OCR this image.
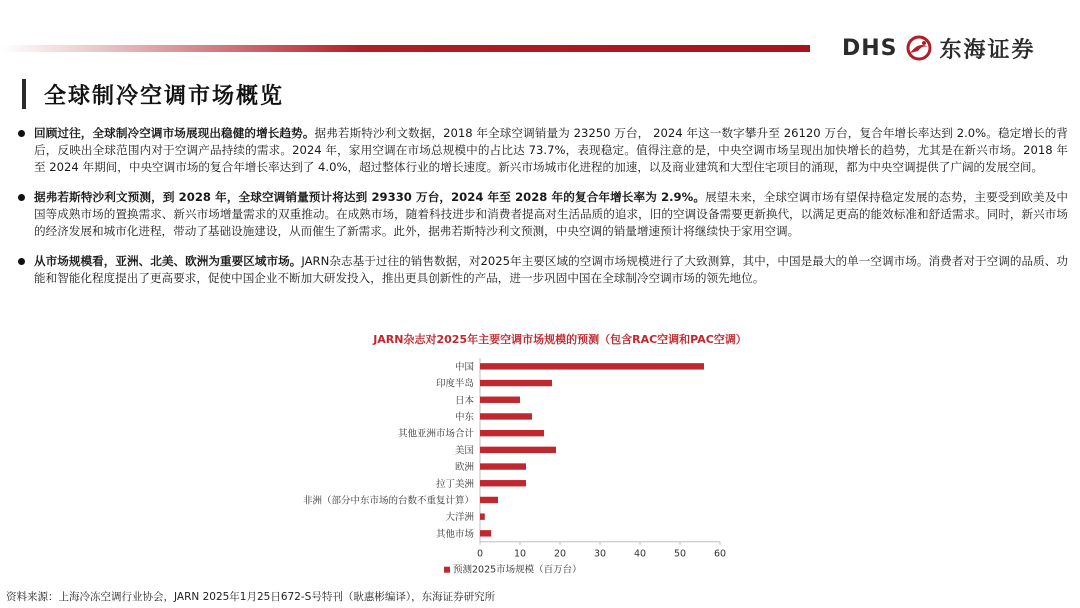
DHS 东海证券
全球制冷空调市场概览
回顾过往，全球制冷空调市场展现出稳健的增长趋势。据弗若斯特沙利文数据，2018 年全球空调销量为 23250 万台， 2024 年这一数字攀升至 26120 万台，复合年增长率达到 2.0%。稳定增长的背后，反映出全球范围内对于空调产品持续的需求。2024 年，家用空调在市场总规模中的占比达 73.7%，表现稳定。值得注意的是，中央空调市场呈现出加快增长的趋势，尤其是在新兴市场。2018 年至 2024 年期间，中央空调市场的复合年增长率达到了 4.0%，超过整体行业的增长速度。新兴市场城市化进程的加速，以及商业建筑和大型住宅项目的涌现，都为中央空调提供了广阔的发展空间。
据弗若斯特沙利文预测，到 2028 年，全球空调销量预计将达到 29330 万台，2024 年至 2028 年的复合年增长率为 2.9%。展望未来，全球空调市场有望保持稳定发展的态势，主要受到欧美及中国等成熟市场的置换需求、新兴市场增量需求的双重推动。在成熟市场，随着科技进步和消费者提高对生活品质的追求，旧的空调设备需要更新换代，以满足更高的能效标准和舒适需求。同时，新兴市场的经济发展和城市化进程，带动了基础设施建设，从而催生了新需求。此外，据弗若斯特沙利文预测，中央空调的销量增速预计将继续快于家用空调。
从市场规模看，亚洲、北美、欧洲为重要区域市场。JARN杂志基于过往的销售数据，对2025年主要区域的空调市场规模进行了大致测算，其中，中国是最大的单一空调市场。消费者对于空调的品质、功能和智能化程度提出了更高要求，促使中国企业不断加大研发投入，推出更具创新性的产品，进一步巩固中国在全球制冷空调市场的领先地位。
JARN杂志对2025年主要空调市场规模的预测（包含RAC空调和PAC空调）
中国
印度半岛
日本
中东
其他亚洲市场合计
美国
欧洲
拉丁美洲
非洲（部分中东市场的台数不重复计算）
大洋洲
其他市场
0	10	20	30	40	50	60
预测2025市场规模（百万台）
资料来源：上海冷冻空调行业协会，JARN 2025年1月25日672-S号特刊（耿惠彬编译），东海证券研究所
